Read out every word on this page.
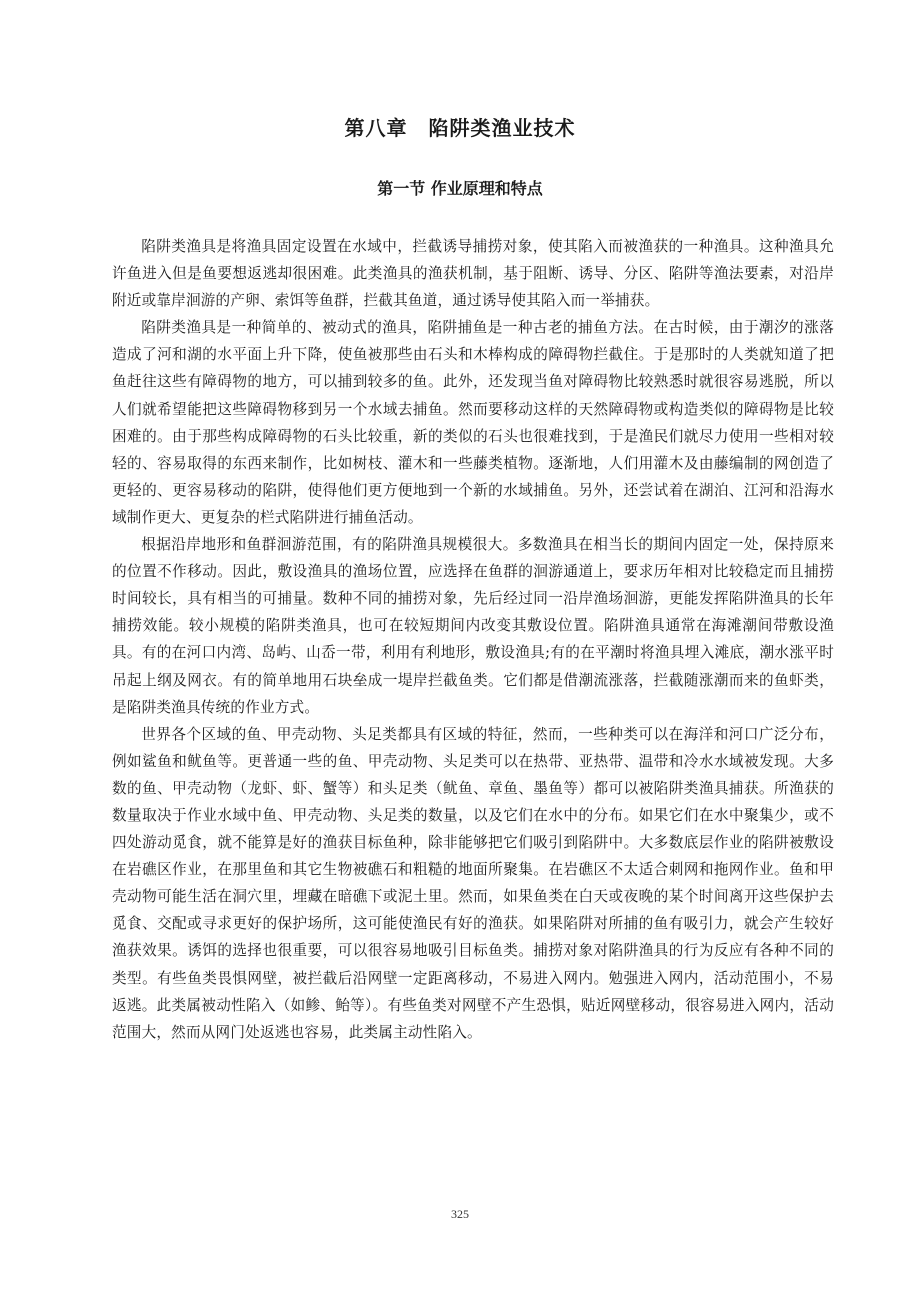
第八章　陷阱类渔业技术
第一节 作业原理和特点

陷阱类渔具是将渔具固定设置在水域中，拦截诱导捕捞对象，使其陷入而被渔获的一种渔具。这种渔具允许鱼进入但是鱼要想返逃却很困难。此类渔具的渔获机制，基于阻断、诱导、分区、陷阱等渔法要素，对沿岸附近或靠岸洄游的产卵、索饵等鱼群，拦截其鱼道，通过诱导使其陷入而一举捕获。

陷阱类渔具是一种简单的、被动式的渔具，陷阱捕鱼是一种古老的捕鱼方法。在古时候，由于潮汐的涨落造成了河和湖的水平面上升下降，使鱼被那些由石头和木棒构成的障碍物拦截住。于是那时的人类就知道了把鱼赶往这些有障碍物的地方，可以捕到较多的鱼。此外，还发现当鱼对障碍物比较熟悉时就很容易逃脱，所以人们就希望能把这些障碍物移到另一个水域去捕鱼。然而要移动这样的天然障碍物或构造类似的障碍物是比较困难的。由于那些构成障碍物的石头比较重，新的类似的石头也很难找到，于是渔民们就尽力使用一些相对较轻的、容易取得的东西来制作，比如树枝、灌木和一些藤类植物。逐渐地，人们用灌木及由藤编制的网创造了更轻的、更容易移动的陷阱，使得他们更方便地到一个新的水域捕鱼。另外，还尝试着在湖泊、江河和沿海水域制作更大、更复杂的栏式陷阱进行捕鱼活动。

根据沿岸地形和鱼群洄游范围，有的陷阱渔具规模很大。多数渔具在相当长的期间内固定一处，保持原来的位置不作移动。因此，敷设渔具的渔场位置，应选择在鱼群的洄游通道上，要求历年相对比较稳定而且捕捞时间较长，具有相当的可捕量。数种不同的捕捞对象，先后经过同一沿岸渔场洄游，更能发挥陷阱渔具的长年捕捞效能。较小规模的陷阱类渔具，也可在较短期间内改变其敷设位置。陷阱渔具通常在海滩潮间带敷设渔具。有的在河口内湾、岛屿、山岙一带，利用有利地形，敷设渔具;有的在平潮时将渔具埋入滩底，潮水涨平时吊起上纲及网衣。有的简单地用石块垒成一堤岸拦截鱼类。它们都是借潮流涨落，拦截随涨潮而来的鱼虾类，是陷阱类渔具传统的作业方式。

世界各个区域的鱼、甲壳动物、头足类都具有区域的特征，然而，一些种类可以在海洋和河口广泛分布，例如鲨鱼和鱿鱼等。更普通一些的鱼、甲壳动物、头足类可以在热带、亚热带、温带和冷水水域被发现。大多数的鱼、甲壳动物（龙虾、虾、蟹等）和头足类（鱿鱼、章鱼、墨鱼等）都可以被陷阱类渔具捕获。所渔获的数量取决于作业水域中鱼、甲壳动物、头足类的数量，以及它们在水中的分布。如果它们在水中聚集少，或不四处游动觅食，就不能算是好的渔获目标鱼种，除非能够把它们吸引到陷阱中。大多数底层作业的陷阱被敷设在岩礁区作业，在那里鱼和其它生物被礁石和粗糙的地面所聚集。在岩礁区不太适合刺网和拖网作业。鱼和甲壳动物可能生活在洞穴里，埋藏在暗礁下或泥土里。然而，如果鱼类在白天或夜晚的某个时间离开这些保护去觅食、交配或寻求更好的保护场所，这可能使渔民有好的渔获。如果陷阱对所捕的鱼有吸引力，就会产生较好渔获效果。诱饵的选择也很重要，可以很容易地吸引目标鱼类。捕捞对象对陷阱渔具的行为反应有各种不同的类型。有些鱼类畏惧网壁，被拦截后沿网壁一定距离移动，不易进入网内。勉强进入网内，活动范围小，不易返逃。此类属被动性陷入（如鲹、鲐等）。有些鱼类对网壁不产生恐惧，贴近网壁移动，很容易进入网内，活动范围大，然而从网门处返逃也容易，此类属主动性陷入。

325
